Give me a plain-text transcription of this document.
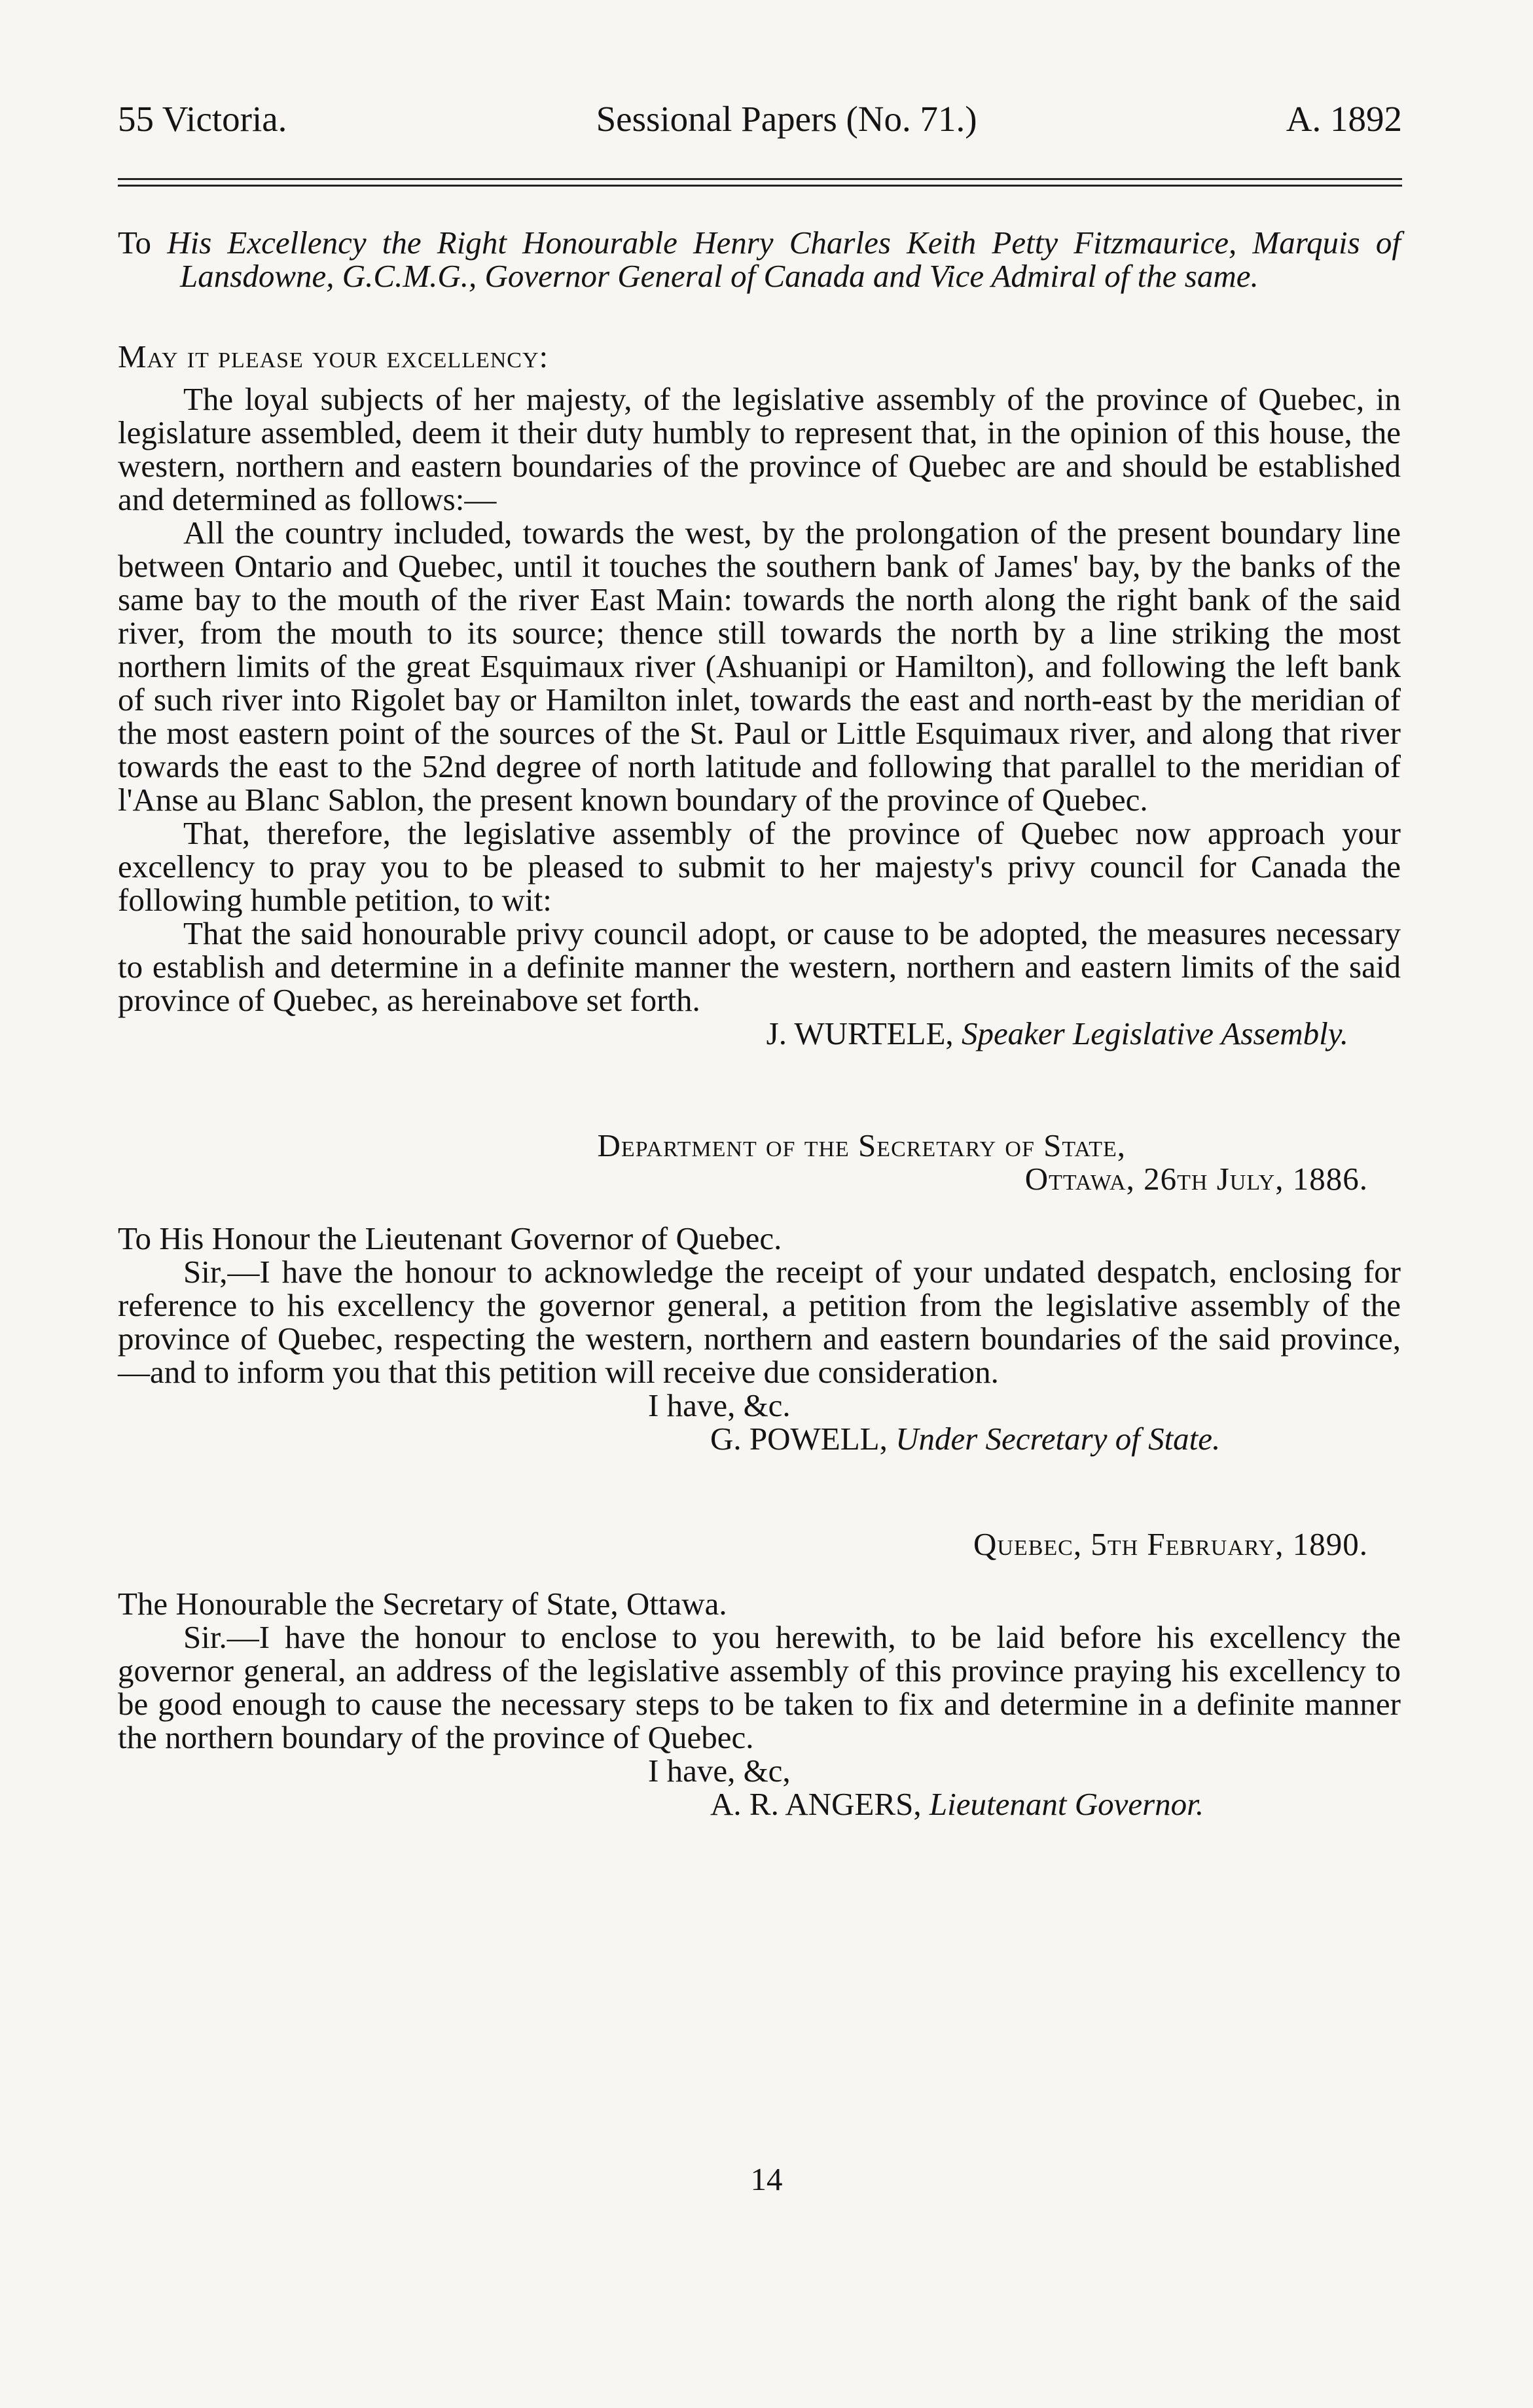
55 Victoria.	Sessional Papers (No. 71.)	A. 1892

To His Excellency the Right Honourable Henry Charles Keith Petty Fitzmaurice, Marquis of Lansdowne, G.C.M.G., Governor General of Canada and Vice Admiral of the same.

May it please your excellency:

The loyal subjects of her majesty, of the legislative assembly of the province of Quebec, in legislature assembled, deem it their duty humbly to represent that, in the opinion of this house, the western, northern and eastern boundaries of the province of Quebec are and should be established and determined as follows:—

All the country included, towards the west, by the prolongation of the present boundary line between Ontario and Quebec, until it touches the southern bank of James' bay, by the banks of the same bay to the mouth of the river East Main: towards the north along the right bank of the said river, from the mouth to its source; thence still towards the north by a line striking the most northern limits of the great Esquimaux river (Ashuanipi or Hamilton), and following the left bank of such river into Rigolet bay or Hamilton inlet, towards the east and north-east by the meridian of the most eastern point of the sources of the St. Paul or Little Esquimaux river, and along that river towards the east to the 52nd degree of north latitude and following that parallel to the meridian of l'Anse au Blanc Sablon, the present known boundary of the province of Quebec.

That, therefore, the legislative assembly of the province of Quebec now approach your excellency to pray you to be pleased to submit to her majesty's privy council for Canada the following humble petition, to wit:

That the said honourable privy council adopt, or cause to be adopted, the measures necessary to establish and determine in a definite manner the western, northern and eastern limits of the said province of Quebec, as hereinabove set forth.

J. WURTELE, Speaker Legislative Assembly.

Department of the Secretary of State,

Ottawa, 26th July, 1886.

To His Honour the Lieutenant Governor of Quebec.

Sir,—I have the honour to acknowledge the receipt of your undated despatch, enclosing for reference to his excellency the governor general, a petition from the legislative assembly of the province of Quebec, respecting the western, northern and eastern boundaries of the said province,—and to inform you that this petition will receive due consideration.

I have, &c.

G. POWELL, Under Secretary of State.

Quebec, 5th February, 1890.

The Honourable the Secretary of State, Ottawa.

Sir.—I have the honour to enclose to you herewith, to be laid before his excellency the governor general, an address of the legislative assembly of this province praying his excellency to be good enough to cause the necessary steps to be taken to fix and determine in a definite manner the northern boundary of the province of Quebec.

I have, &c,

A. R. ANGERS, Lieutenant Governor.

14
